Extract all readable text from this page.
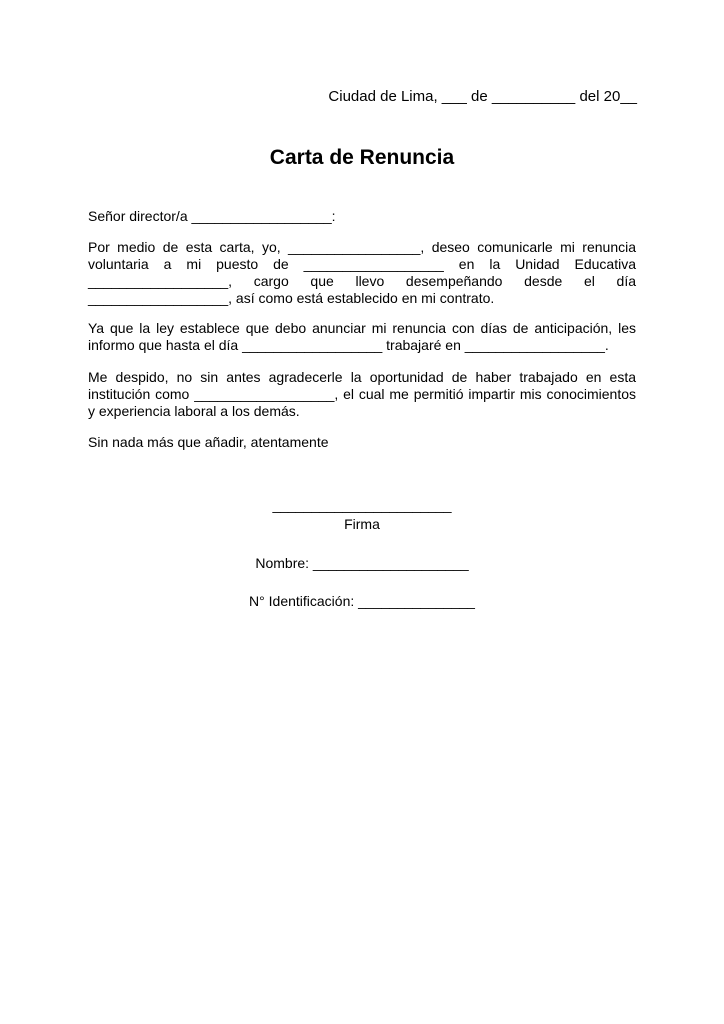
Ciudad de Lima, ___ de __________ del 20__
Carta de Renuncia
Señor director/a __________________:
Por medio de esta carta, yo, _________________, deseo comunicarle mi renuncia voluntaria a mi puesto de __________________ en la Unidad Educativa __________________, cargo que llevo desempeñando desde el día __________________, así como está establecido en mi contrato.
Ya que la ley establece que debo anunciar mi renuncia con días de anticipación, les informo que hasta el día __________________ trabajaré en __________________.
Me despido, no sin antes agradecerle la oportunidad de haber trabajado en esta institución como __________________, el cual me permitió impartir mis conocimientos y experiencia laboral a los demás.
Sin nada más que añadir, atentamente
_______________________
Firma
Nombre: ____________________
N° Identificación: _______________
